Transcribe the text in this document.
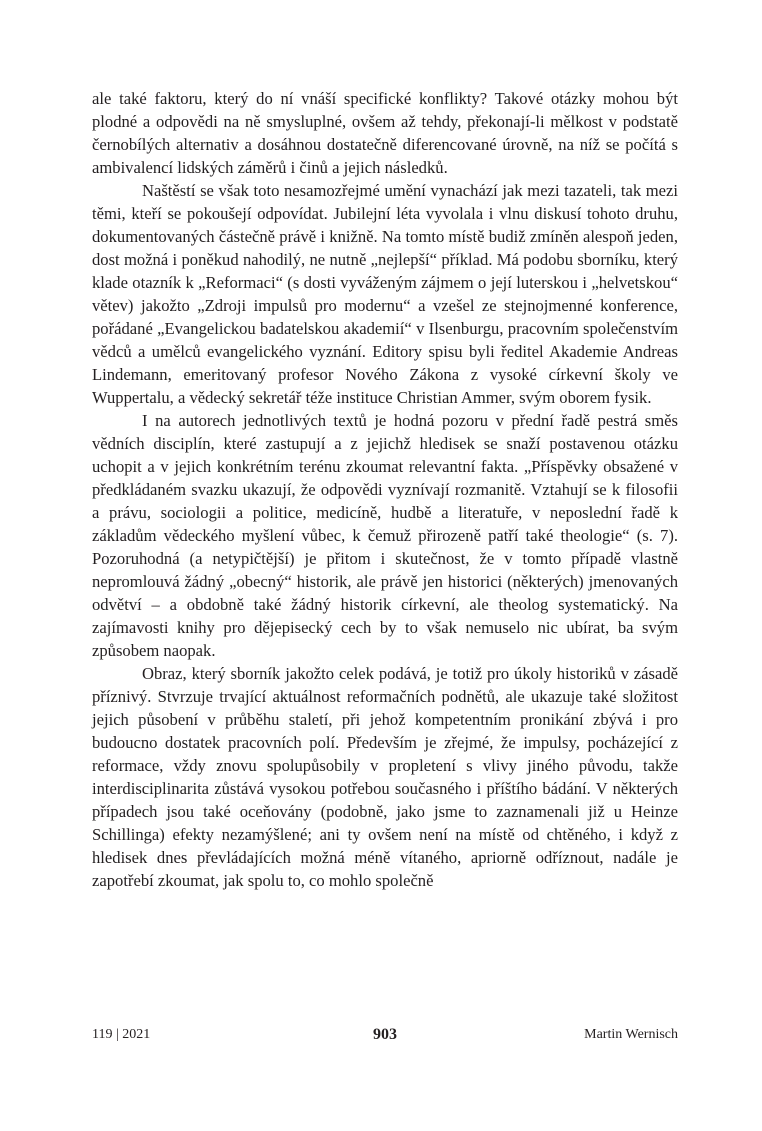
ale také faktoru, který do ní vnáší specifické konflikty? Takové otázky mohou být plodné a odpovědi na ně smysluplné, ovšem až tehdy, překonají-li mělkost v podstatě černobílých alternativ a dosáhnou dostatečně diferencované úrovně, na níž se počítá s ambivalencí lidských záměrů i činů a jejich následků.

Naštěstí se však toto nesamozřejmé umění vynachází jak mezi tazateli, tak mezi těmi, kteří se pokoušejí odpovídat. Jubilejní léta vyvolala i vlnu diskusí tohoto druhu, dokumentovaných částečně právě i knižně. Na tomto místě budiž zmíněn alespoň jeden, dost možná i poněkud nahodilý, ne nutně „nejlepší“ příklad. Má podobu sborníku, který klade otazník k „Reformaci“ (s dosti vyváženým zájmem o její luterskou i „helvetskou“ větev) jakožto „Zdroji impulsů pro modernu“ a vzešel ze stejnojmenné konference, pořádané „Evangelickou badatelskou akademií“ v Ilsenburgu, pracovním společenstvím vědců a umělců evangelického vyznání. Editory spisu byli ředitel Akademie Andreas Lindemann, emeritovaný profesor Nového Zákona z vysoké církevní školy ve Wuppertalu, a vědecký sekretář téže instituce Christian Ammer, svým oborem fysik.

I na autorech jednotlivých textů je hodná pozoru v přední řadě pestrá směs vědních disciplín, které zastupují a z jejichž hledisek se snaží postavenou otázku uchopit a v jejich konkrétním terénu zkoumat relevantní fakta. „Příspěvky obsažené v předkládaném svazku ukazují, že odpovědi vyznívají rozmanitě. Vztahují se k filosofii a právu, sociologii a politice, medicíně, hudbě a literatuře, v neposlední řadě k základům vědeckého myšlení vůbec, k čemuž přirozeně patří také theologie“ (s. 7). Pozoruhodná (a netypičtější) je přitom i skutečnost, že v tomto případě vlastně nepromlouvá žádný „obecný“ historik, ale právě jen historici (některých) jmenovaných odvětví – a obdobně také žádný historik církevní, ale theolog systematický. Na zajímavosti knihy pro dějepisecký cech by to však nemuselo nic ubírat, ba svým způsobem naopak.

Obraz, který sborník jakožto celek podává, je totiž pro úkoly historiků v zásadě příznivý. Stvrzuje trvající aktuálnost reformačních podnětů, ale ukazuje také složitost jejich působení v průběhu staletí, při jehož kompetentním pronikání zbývá i pro budoucno dostatek pracovních polí. Především je zřejmé, že impulsy, pocházející z reformace, vždy znovu spolupůsobily v propletení s vlivy jiného původu, takže interdisciplinarita zůstává vysokou potřebou současného i příštího bádání. V některých případech jsou také oceňovány (podobně, jako jsme to zaznamenali již u Heinze Schillinga) efekty nezamýšlené; ani ty ovšem není na místě od chtěného, i když z hledisek dnes převládajících možná méně vítaného, apriorně odříznout, nadále je zapotřebí zkoumat, jak spolu to, co mohlo společně

119 | 2021	903	Martin Wernisch
